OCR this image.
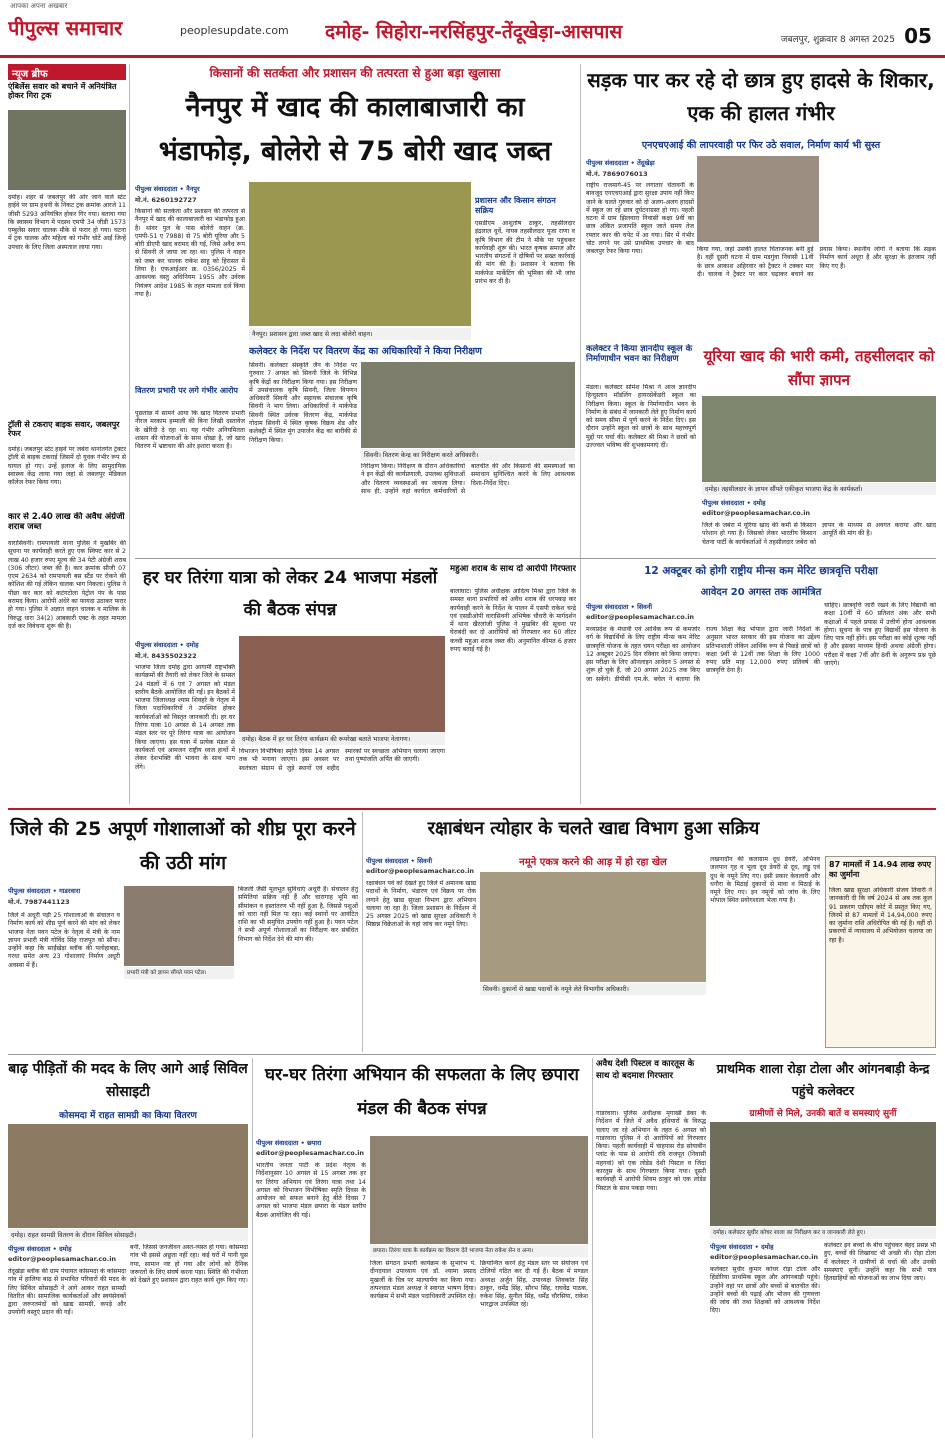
आपका अपना अखबार
पीपुल्स समाचार	peoplesupdate.com दमोह- सिहोरा-नरसिंहपुर-तेंदूखेड़ा-आसपास	जबलपुर, शुक्रवार 8 अगस्त 2025 05
न्यूज ब्रीफ
एंबिलेंस सवार को बचाने में अनियंत्रित होकर गिरा ट्रक
दमोह। शहर से जबलपुर की ओर जाने वाले स्टेट हाईवे पर ग्राम हथनी के निकट ट्रक क्रमांक आरजे 11 जीसी 5293 अनियंत्रित होकर गिर गया। बताया गया कि स्वास्थ्य विभाग में पदस्थ एमपी 34 जीडी 1573 एम्बुलेंस सवार चालक मौके से फरार हो गया। घटना में ट्रक चालक और महिला को गंभीर चोटें आईं जिन्हें उपचार के लिए जिला अस्पताल लाया गया।
ट्रॉली से टकराए बाइक सवार, जबलपुर रेफर
दमोह। जबलपुर स्टेट हाइवे पर जबेरा थानांतर्गत ट्रेक्टर ट्रॉली से बाइक टकराई जिसमें दो युवक गंभीर रूप से घायल हो गए। उन्हें इलाज के लिए सामुदायिक स्वास्थ्य केंद्र लाया गया जहां से जबलपुर मेडिकल कॉलेज रेफर किया गया।
कार से 2.40 लाख की अवैध अंग्रेजी शराब जब्त
वारासिवनी। रामपायली थाना पुलिस ने मुखबिर की सूचना पर कार्यवाही करते हुए एक स्विफ्ट कार से 2 लाख 40 हजार रुपए मूल्य की 34 पेटी अंग्रेजी शराब (306 लीटर) जब्त की है। कार क्रमांक सीजी 07 एएम 2634 को रामपायली बस स्टैंड पर रोकने की कोशिश की गई लेकिन चालक भाग निकला। पुलिस ने पीछा कर कार को कटंगटोला पेट्रोल पंप के पास बरामद किया। आरोपी अंधेरे का फायदा उठाकर फरार हो गया। पुलिस ने अज्ञात वाहन चालक व मालिक के विरुद्ध धारा 34(2) आबकारी एक्ट के तहत मामला दर्ज कर विवेचना शुरू की है।
किसानों की सतर्कता और प्रशासन की तत्परता से हुआ बड़ा खुलासा
नैनपुर में खाद की कालाबाजारी का भंडाफोड़, बोलेरो से 75 बोरी खाद जब्त
पीपुल्स संवाददाता • नैनपुर
मो.नं. 6260192727
किसानों की सतर्कता और प्रशासन की तत्परता से नैनपुर में खाद की कालाबाजारी का भंडाफोड़ हुआ है। थांवर पुल के पास बोलेरो वाहन (क्र. एमपी-51 ए 7988) से 75 बोरी यूरिया और 5 बोरी डीएपी खाद बरामद की गई, जिसे अवैध रूप से सिवनी ले जाया जा रहा था। पुलिस ने वाहन को जब्त कर चालक राकेश साहू को हिरासत में लिया है। एफआईआर क्र. 0356/2025 में आवश्यक वस्तु अधिनियम 1955 और उर्वरक नियंत्रण आदेश 1985 के तहत मामला दर्ज किया गया है।
वितरण प्रभारी पर लगे गंभीर आरोप
पूछताछ में सामने आया कि खाद वितरण प्रभारी नीरज मरकाम हम्माली की बिना लिखी दस्तावेज के खेरिदी दे रहा था। यह गंभीर अनियमितता शासन की योजनाओं के साथ धोखा है, जो खाद वितरण में भ्रष्टाचार की ओर इशारा करता है।
नैनपुर। प्रशासन द्वारा जब्त खाद से लदा बोलेरो वाहन।
प्रशासन और किसान संगठन सक्रिय
एसडीएम आशुतोष ठाकुर, तहसीलदार इंद्रलाल धुर्वे, नायब तहसीलदार पूजा राणा व कृषि विभाग की टीम ने मौके पर पहुंचकर कार्यवाही शुरू की। भारत कृषक समाज और भारतीय संगठनों ने दोषियों पर सख्त कार्रवाई की मांग की है। प्रशासन ने बताया कि मार्कफेड मार्केटिंग की भूमिका की भी जांच प्रारंभ कर दी है।
कलेक्टर के निर्देश पर वितरण केंद्र का अधिकारियों ने किया निरीक्षण
सिवनी। कलेक्टर संस्कृति जैन के निर्देश पर गुरुवार 7 अगस्त को सिवनी जिले के विभिन्न कृषि केंद्रों का निरीक्षण किया गया। इस निरीक्षण में उपसंचालक कृषि सिवनी, जिला विपणन अधिकारी सिवनी और सहायक संचालक कृषि सिवनी ने भाग लिया। अधिकारियों ने मार्कफेड सिवनी स्थित उर्वरक वितरण केंद्र, मार्कफेड गोदाम सिवनी में स्थित कृषक विक्रय शेड और कलेक्ट्री में स्थित मुंग उपार्जन केंद्र का बारीकी से निरीक्षण किया।
सिवनी। वितरण केन्द्र का निरीक्षण करते अधिकारी।
निरीक्षण किया। निरीक्षण के दौरान अधिकारियों ने इन केंद्रों की कार्यप्रणाली, उपलब्ध सुविधाओं और वितरण व्यवस्थाओं का जायजा लिया। साथ ही, उन्होंने वहां कार्यरत कर्मचारियों से बातचीत की और किसानों की समस्याओं का समाधान सुनिश्चित करने के लिए आवश्यक दिशा-निर्देश दिए।
सड़क पार कर रहे दो छात्र हुए हादसे के शिकार, एक की हालत गंभीर
एनएचएआई की लापरवाही पर फिर उठे सवाल, निर्माण कार्य भी सुस्त
पीपुल्स संवाददाता • तेंदूखेड़ा
मो.नं. 7869076013
राष्ट्रीय राजमार्ग-45 पर लगातार चेतावनी के बावजूद एनएचएआई द्वारा सुरक्षा उपाय नहीं किए जाने के चलते गुरुवार को दो अलग-अलग हादसों में स्कूल जा रहे छात्र दुर्घटनाग्रस्त हो गए। पहली घटना में ग्राम झिलवारा निवासी कक्षा 9वीं का छात्र अंकित प्रजापति स्कूल जाते समय तेज रफ्तार कार की चपेट में आ गया। सिर में गंभीर चोट लगने पर उसे प्राथमिक उपचार के बाद जबलपुर रेफर किया गया।	किया गया, जहां उसकी हालत चिंताजनक बनी हुई है। वहीं दूसरी घटना में ग्राम मडगुंवा निवासी 11वीं के छात्र आकाश अहिरवार को ट्रैक्टर ने टक्कर मार दी। चालक ने ट्रैक्टर पर कार चढ़ाकर बचाने का प्रयास किया। स्थानीय लोगों ने बताया कि सड़क निर्माण कार्य अधूरा है और सुरक्षा के इंतजाम नहीं किए गए हैं।
कलेक्टर ने किया ज्ञानदीप स्कूल के निर्माणाधीन भवन का निरीक्षण
मंडला। कलेक्टर सोमेश मिश्रा ने आज ज्ञानदीप हिन्दुस्तान मॉडलिंग हायरसेकेंडरी स्कूल का निरीक्षण किया। स्कूल के निर्माणाधीन भवन के निर्माण के संबंध में जानकारी लेते हुए निर्माण कार्य को समय सीमा में पूर्ण करने के निर्देश दिए। इस दौरान उन्होंने स्कूल को छात्रों के साथ महत्त्वपूर्ण मुद्दों पर चर्चा की। कलेक्टर श्री मिश्रा ने छात्रों को उज्ज्वल भविष्य की शुभकामनाएं दीं।
यूरिया खाद की भारी कमी, तहसीलदार को सौंपा ज्ञापन
दमोह। तहसीलदार के ज्ञापन सौंपते एकीकृत भाजपा केंद्र के कार्यकर्ता।
पीपुल्स संवाददाता • दमोह
editor@peoplesamachar.co.in
जिले के जबेरा में यूरिया खाद की कमी से किसान परेशान हो गया है। जिसको लेकर भारतीय किसान चेतना पार्टी के कार्यकर्ताओं ने तहसीलदार जबेरा को ज्ञापन के माध्यम से अवगत कराया और खाद आपूर्ति की मांग की है।
हर घर तिरंगा यात्रा को लेकर 24 भाजपा मंडलों की बैठक संपन्न
पीपुल्स संवाददाता • दमोह
मो.नं. 8435502322
दमोह। बैठक में हर घर तिरंगा कार्यक्रम की रूपरेखा बताते भाजपा नेतागण।
भाजपा जिला दमोह द्वारा आगामी राष्ट्रभक्ति कार्यक्रमों की तैयारी को लेकर जिले के समस्त 24 मंडलों में 6 एवं 7 अगस्त को मंडल स्तरीय बैठकें आयोजित की गईं। इन बैठकों में भाजपा जिलाध्यक्ष श्याम शिवहरे के नेतृत्व में जिला पदाधिकारियों ने उपस्थित होकर कार्यकर्ताओं को विस्तृत जानकारी दी। हर घर तिरंगा यात्रा 10 अगस्त से 14 अगस्त तक मंडल स्तर पर पूरे तिरंगा यात्रा का आयोजन किया जाएगा। इस यात्रा में प्रत्येक मंडल से कार्यकर्ता एवं आमजन राष्ट्रीय ध्वज हाथों में लेकर देशभक्ति की भावना के साथ भाग लेंगे।
विभाजन विभीषिका स्मृति दिवस 14 अगस्त तक भी मनाया जाएगा। इस अवसर पर स्वतंत्रता संग्राम से जुड़े स्थानों एवं शहीद स्मारकों पर स्वच्छता अभियान चलाया जाएगा तथा पुष्पांजलि अर्पित की जाएगी।
महुआ शराब के साथ दो आरोपी गिरफ्तार
बालाघाट। पुलिस अधीक्षक आदित्य मिश्रा द्वारा जिले के समस्त थाना प्रभारियों को अवैध शराब की धरपकड़ कर कार्यवाही करने के निर्देश के पालन में एसपी राकेश चन्द्रे एवं एसडीओपी वारासिवनी अभिषेक चौधरी के मार्गदर्शन में थाना खैरलांजी पुलिस ने मुखबिर की सूचना पर घेराबंदी कर दो आरोपियों को गिरफ्तार कर 60 लीटर कच्ची महुआ शराब जब्त की। अनुमानित कीमत 6 हजार रुपए बताई गई है।
12 अक्टूबर को होगी राष्ट्रीय मीन्स कम मेरिट छात्रवृत्ति परीक्षा
आवेदन 20 अगस्त तक आमंत्रित
पीपुल्स संवाददाता • सिवनी
editor@peoplesamachar.co.in
मध्यप्रदेश के मेधावी एवं आर्थिक रूप से कमजोर वर्ग के विद्यार्थियों के लिए राष्ट्रीय मीन्स कम मेरिट छात्रवृत्ति योजना के तहत चयन परीक्षा का आयोजन 12 अक्टूबर 2025 दिन रविवार को किया जाएगा। इस परीक्षा के लिए ऑनलाइन आवेदन 5 अगस्त से शुरू हो चुके हैं, जो 20 अगस्त 2025 तक किए जा सकेंगे। डीपीसी एम.के. बघेल ने बताया कि राज्य शिक्षा केंद्र भोपाल द्वारा जारी निर्देशों के अनुसार भारत सरकार की इस योजना का उद्देश्य प्रतिभाशाली लेकिन आर्थिक रूप से पिछड़े छात्रों को कक्षा 9वीं से 12वीं तक शिक्षा के लिए 1000 रुपए प्रति माह 12,000 रुपए प्रतिवर्ष की छात्रवृत्ति देना है।
चाहिए। छात्रवृत्ति जारी रखने के लिए विद्यार्थी को कक्षा 10वीं में 60 प्रतिशत अंक और सभी कक्षाओं में पहले प्रयास में उत्तीर्ण होना आवश्यक होगा। सूचना के पात्र हुए विद्यार्थी इस योजना के लिए पात्र नहीं होंगे। इस परीक्षा का कोई शुल्क नहीं है और इसका माध्यम हिन्दी अथवा अंग्रेजी होगा। परीक्षा में कक्षा 7वीं और 8वीं के अनुरूप प्रश्न पूछे जाएंगे।
जिले की 25 अपूर्ण गोशालाओं को शीघ्र पूरा करने की उठी मांग
पीपुल्स संवाददाता • गाडरवारा
मो.नं. 7987441123
जिले में अधूरी पड़ी 25 गोशालाओं के संचालन व निर्माण कार्य को शीघ्र पूर्ण करने की मांग को लेकर भाजपा नेता पवन पटेल के नेतृत्व में मंत्री के नाम ज्ञापन प्रभारी मंत्री गोविंद सिंह राजपूत को सौंपा। उन्होंने कहा कि साईंखेड़ा ब्लॉक की पलोहाबड़ा, गरधा समेत अन्य 23 गोशालाएं निर्माण अधूरी अवस्था में हैं।
प्रभारी मंत्री को ज्ञापन सौंपते पवन पटेल।
बिजली जैसी मूलभूत सुविधाएं अधूरी हैं। संचालन हेतु समितियां सक्रिय नहीं हैं और चारागाह भूमि का सीमांकन व हस्तांतरण भी नहीं हुआ है, जिससे पशुओं को चारा नहीं मिल पा रहा। कई स्थानों पर आवंटित राशि का भी समुचित उपयोग नहीं हुआ है। पवन पटेल ने सभी अपूर्ण गोशालाओं का निरीक्षण कर संबंधित विभाग को निर्देश देने की मांग की।
रक्षाबंधन त्योहार के चलते खाद्य विभाग हुआ सक्रिय
पीपुल्स संवाददाता • सिवनी
editor@peoplesamachar.co.in
रक्षाबंधन पर्व को देखते हुए जिले में अमानक खाद्य पदार्थों के निर्माण, भंडारण एवं विक्रय पर रोक लगाने हेतु खाद्य सुरक्षा विभाग द्वारा अभियान चलाया जा रहा है। जिला प्रशासन के निर्देशन में 25 अगस्त 2025 को खाद्य सुरक्षा अधिकारी ने मिष्ठान्न विक्रेताओं के यहां जांच कर नमूने लिए।
नमूने एकत्र करने की आड़ में हो रहा खेल
सिवनी। दुकानों से खाद्य पदार्थों के नमूने लेते विभागीय अधिकारी।
लखनादौन की कलाग्राम दूध डेयरी, अभिनव जलपान गृह व भूला दूध डेयरी से दूध, लड्डू एवं दूध के नमूने लिए गए। इसी प्रकार केवलारी और धनौरा के मिठाई दुकानों से मावा व मिठाई के नमूने लिए गए। इन नमूनों को जांच के लिए भोपाल स्थित प्रयोगशाला भेजा गया है।
87 मामलों में 14.94 लाख रुपए का जुर्माना
जिला खाद्य सुरक्षा अधिकारी संजय तिवारी ने जानकारी दी कि वर्ष 2024 से अब तक कुल 91 प्रकरण एडीएम कोर्ट में प्रस्तुत किए गए, जिनमें से 87 मामलों में 14,94,000 रुपए का जुर्माना राशि अधिरोपित की गई है। वहीं दो प्रकरणों में न्यायालय में अभियोजन चलाया जा रहा है।
बाढ़ पीड़ितों की मदद के लिए आगे आई सिविल सोसाइटी
कोसमदा में राहत सामग्री का किया वितरण
दमोह। राहत सामग्री वितरण के दौरान सिविल सोसाइटी।
पीपुल्स संवाददाता • दमोह
editor@peoplesamachar.co.in
तेंदूखेड़ा ब्लॉक की ग्राम पंचायत कोसमदा के कोसमदा गांव में हालिया बाढ़ से प्रभावित परिवारों की मदद के लिए सिविल सोसाइटी ने आगे आकर राहत सामग्री वितरित की। सामाजिक कार्यकर्ताओं और स्वयंसेवकों द्वारा जरूरतमंदों को खाद्य सामग्री, कपड़े और उपयोगी वस्तुएं प्रदान की गईं।
बनी, जिससे जनजीवन अस्त-व्यस्त हो गया। कोसमदा गांव भी इससे अछूता नहीं रहा। कई घरों में पानी घुस गया, सामान नष्ट हो गया और लोगों को दैनिक जरूरतों के लिए संघर्ष करना पड़ा। स्थिति की गंभीरता को देखते हुए प्रशासन द्वारा राहत कार्य शुरू किए गए।
घर-घर तिरंगा अभियान की सफलता के लिए छपारा मंडल की बैठक संपन्न
पीपुल्स संवाददाता • छपारा
editor@peoplesamachar.co.in
भारतीय जनता पार्टी के प्रदेश नेतृत्व के निर्देशानुसार 10 अगस्त से 15 अगस्त तक हर घर तिरंगा अभियान एवं तिरंगा यात्रा तथा 14 अगस्त को विभाजन विभीषिका स्मृति दिवस के आयोजन को सफल बनाने हेतु बीते दिवस 7 अगस्त को भाजपा मंडल छपारा के मंडल स्तरीय बैठक आयोजित की गई।
छपारा। तिरंगा यात्रा के कार्यक्रम का विवरण देते भाजपा नेता राकेश सेन व अन्य।
जिला संगठन प्रभारी कार्यक्रम के सुभारंभ पं. दीनदयाल उपाध्याय एवं डॉ. श्यामा प्रसाद मुखर्जी के चित्र पर माल्यार्पण कर किया गया। तत्पश्चात मंडल अध्यक्ष ने स्वागत भाषण दिया। कार्यक्रम में सभी मंडल पदाधिकारी उपस्थित रहे।
क्रियान्वित करने हेतु मंडल स्तर पर संयोजन एवं टोलियों गठित कर दी गई हैं। बैठक में मण्डल अध्यक्ष अर्जुन सिंह, उपाध्यक्ष शिवकांत सिंह ठाकुर, धर्मेंद्र सिंह, सौरभ सिंह, राघवेंद्र पाठक, रुकेश सिंह, सुनील सिंह, धर्मेंद्र चौरसिया, राकेश भारद्वाज उपस्थित रहे।
अवैध देशी पिस्टल व कारतूस के साथ दो बदमाश गिरफ्तार
गाडरवारा। पुलिस अधीक्षक मृगाखी डेका के निर्देशन में जिले में अवैध हथियारों के विरुद्ध चलाए जा रहे अभियान के तहत 6 अगस्त को गाडरवारा पुलिस ने दो आरोपियों को गिरफ्तार किया। पहली कार्यवाही में चाहपास रोड सोयाबीन प्लांट के पास से आरोपी रवि राजपूत (निवासी महगवां) को एक लोडेड देशी पिस्टल व जिंदा कारतूस के साथ गिरफ्तार किया गया। दूसरी कार्यवाही में आरोपी शिवम ठाकुर को एक लोडेड पिस्टल के साथ पकड़ा गया।
प्राथमिक शाला रोड़ा टोला और आंगनबाड़ी केन्द्र पहुंचे कलेक्टर
ग्रामीणों से मिले, उनकी बातें व समस्याएं सुनीं
दमोह। कलेक्टर सुधीर कोचर शाला का निरीक्षण कर व जानकारी लेते हुए।
पीपुल्स संवाददाता • दमोह
editor@peoplesamachar.co.in
कलेक्टर सुधीर कुमार कोचर रोड़ा टोला और हिंडोरिया प्राथमिक स्कूल और आंगनबाड़ी पहुंचे। उन्होंने वहां पर छात्रों और बच्चों से बातचीत की। उन्होंने बच्चों की पढ़ाई और भोजन की गुणवत्ता की जांच की तथा शिक्षकों को आवश्यक निर्देश दिए।
कलेक्टर इन बच्चों के बीच पहुंचकर बेहद प्रसन्न भी हुए, बच्चों की लिखावट भी अच्छी थी। रोड़ा टोला में कलेक्टर ने ग्रामीणों से चर्चा की और उनकी समस्याएं सुनीं। उन्होंने कहा कि सभी पात्र हितग्राहियों को योजनाओं का लाभ दिया जाए।
